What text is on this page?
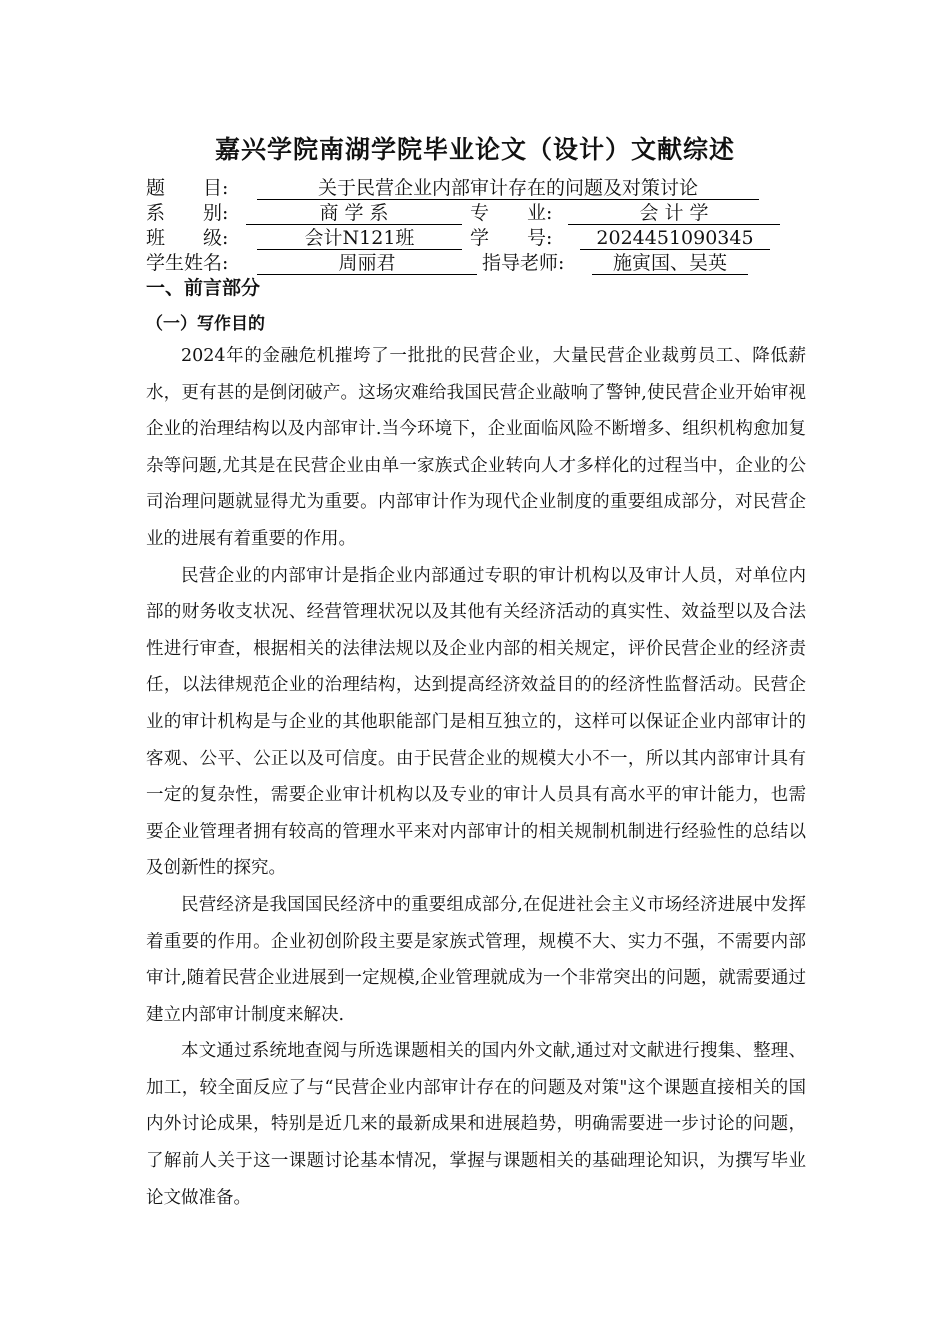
嘉兴学院南湖学院毕业论文（设计）文献综述
题　　目:	关于民营企业内部审计存在的问题及对策讨论
系　　别:	商 学 系	专　　业:	会 计 学
班　　级:	会计N121班	学　　号:	2024451090345
学生姓名:	周丽君	指导老师:	施寅国、吴英
一、前言部分
（一）写作目的

2024年的金融危机摧垮了一批批的民营企业，大量民营企业裁剪员工、降低薪水，更有甚的是倒闭破产。这场灾难给我国民营企业敲响了警钟,使民营企业开始审视企业的治理结构以及内部审计.当今环境下，企业面临风险不断增多、组织机构愈加复杂等问题,尤其是在民营企业由单一家族式企业转向人才多样化的过程当中，企业的公司治理问题就显得尤为重要。内部审计作为现代企业制度的重要组成部分，对民营企业的进展有着重要的作用。

民营企业的内部审计是指企业内部通过专职的审计机构以及审计人员，对单位内部的财务收支状况、经营管理状况以及其他有关经济活动的真实性、效益型以及合法性进行审查，根据相关的法律法规以及企业内部的相关规定，评价民营企业的经济责任，以法律规范企业的治理结构，达到提高经济效益目的的经济性监督活动。民营企业的审计机构是与企业的其他职能部门是相互独立的，这样可以保证企业内部审计的客观、公平、公正以及可信度。由于民营企业的规模大小不一，所以其内部审计具有一定的复杂性，需要企业审计机构以及专业的审计人员具有高水平的审计能力，也需要企业管理者拥有较高的管理水平来对内部审计的相关规制机制进行经验性的总结以及创新性的探究。

民营经济是我国国民经济中的重要组成部分,在促进社会主义市场经济进展中发挥着重要的作用。企业初创阶段主要是家族式管理，规模不大、实力不强，不需要内部审计,随着民营企业进展到一定规模,企业管理就成为一个非常突出的问题，就需要通过建立内部审计制度来解决.

本文通过系统地查阅与所选课题相关的国内外文献,通过对文献进行搜集、整理、加工，较全面反应了与“民营企业内部审计存在的问题及对策"这个课题直接相关的国内外讨论成果，特别是近几来的最新成果和进展趋势，明确需要进一步讨论的问题，了解前人关于这一课题讨论基本情况，掌握与课题相关的基础理论知识，为撰写毕业论文做准备。
